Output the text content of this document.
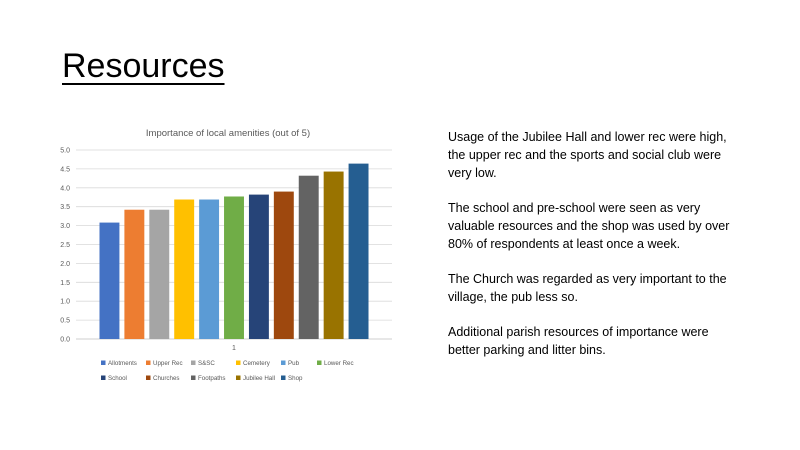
Resources
Importance of local amenities (out of 5)
0.0
0.5
1.0
1.5
2.0
2.5
3.0
3.5
4.0
4.5
5.0
1
Allotments	Upper Rec S&SC	Cemetery	Pub	Lower Rec
School	Churches	Footpaths	Jubilee Hall Shop

Usage of the Jubilee Hall and lower rec were high, the upper rec and the sports and social club were very low.

The school and pre-school were seen as very valuable resources and the shop was used by over 80% of respondents at least once a week.

The Church was regarded as very important to the village, the pub less so.

Additional parish resources of importance were better parking and litter bins.
